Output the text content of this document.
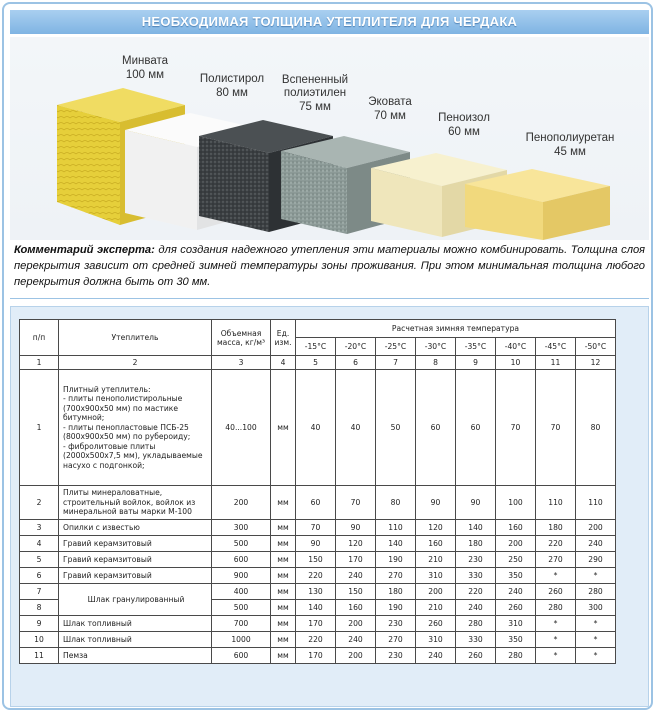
НЕОБХОДИМАЯ ТОЛЩИНА УТЕПЛИТЕЛЯ ДЛЯ ЧЕРДАКА
Минвата
100 мм	Полистирол
80 мм
Вспененный
полиэтилен
75 мм	Эковата
70 мм	Пеноизол
60 мм	Пенополиуретан
45 мм
Комментарий эксперта: для создания надежного утепления эти материалы можно комбинировать. Толщина слоя перекрытия зависит от средней зимней температуры зоны проживания. При этом минимальная толщина любого перекрытия должна быть от 30 мм.
п/п	Утеплитель	Объемная масса, кг/м³	Ед. изм.	Расчетная зимняя температура							
				-15°С	-20°С	-25°С	-30°С	-35°С	-40°С	-45°С	-50°С
1	2	3	4	5	6	7	8	9	10	11	12
1	Плитный утеплитель:
- плиты пенополистирольные (700х900х50 мм) по мастике битумной;
- плиты пенопластовые ПСБ-25 (800х900х50 мм) по рубероиду;
- фибролитовые плиты (2000х500х7,5 мм), укладываемые насухо с подгонкой;	40...100	мм	40	40	50	60	60	70	70	80
2	Плиты минераловатные, строительный войлок, войлок из минеральной ваты марки М-100	200	мм	60	70	80	90	90	100	110	110
3	Опилки с известью	300	мм	70	90	110	120	140	160	180	200
4	Гравий керамзитовый	500	мм	90	120	140	160	180	200	220	240
5	Гравий керамзитовый	600	мм	150	170	190	210	230	250	270	290
6	Гравий керамзитовый	900	мм	220	240	270	310	330	350	*	*
7	Шлак гранулированный	400	мм	130	150	180	200	220	240	260	280
8		500	мм	140	160	190	210	240	260	280	300
9	Шлак топливный	700	мм	170	200	230	260	280	310	*	*
10	Шлак топливный	1000	мм	220	240	270	310	330	350	*	*
11	Пемза	600	мм	170	200	230	240	260	280	*	*
